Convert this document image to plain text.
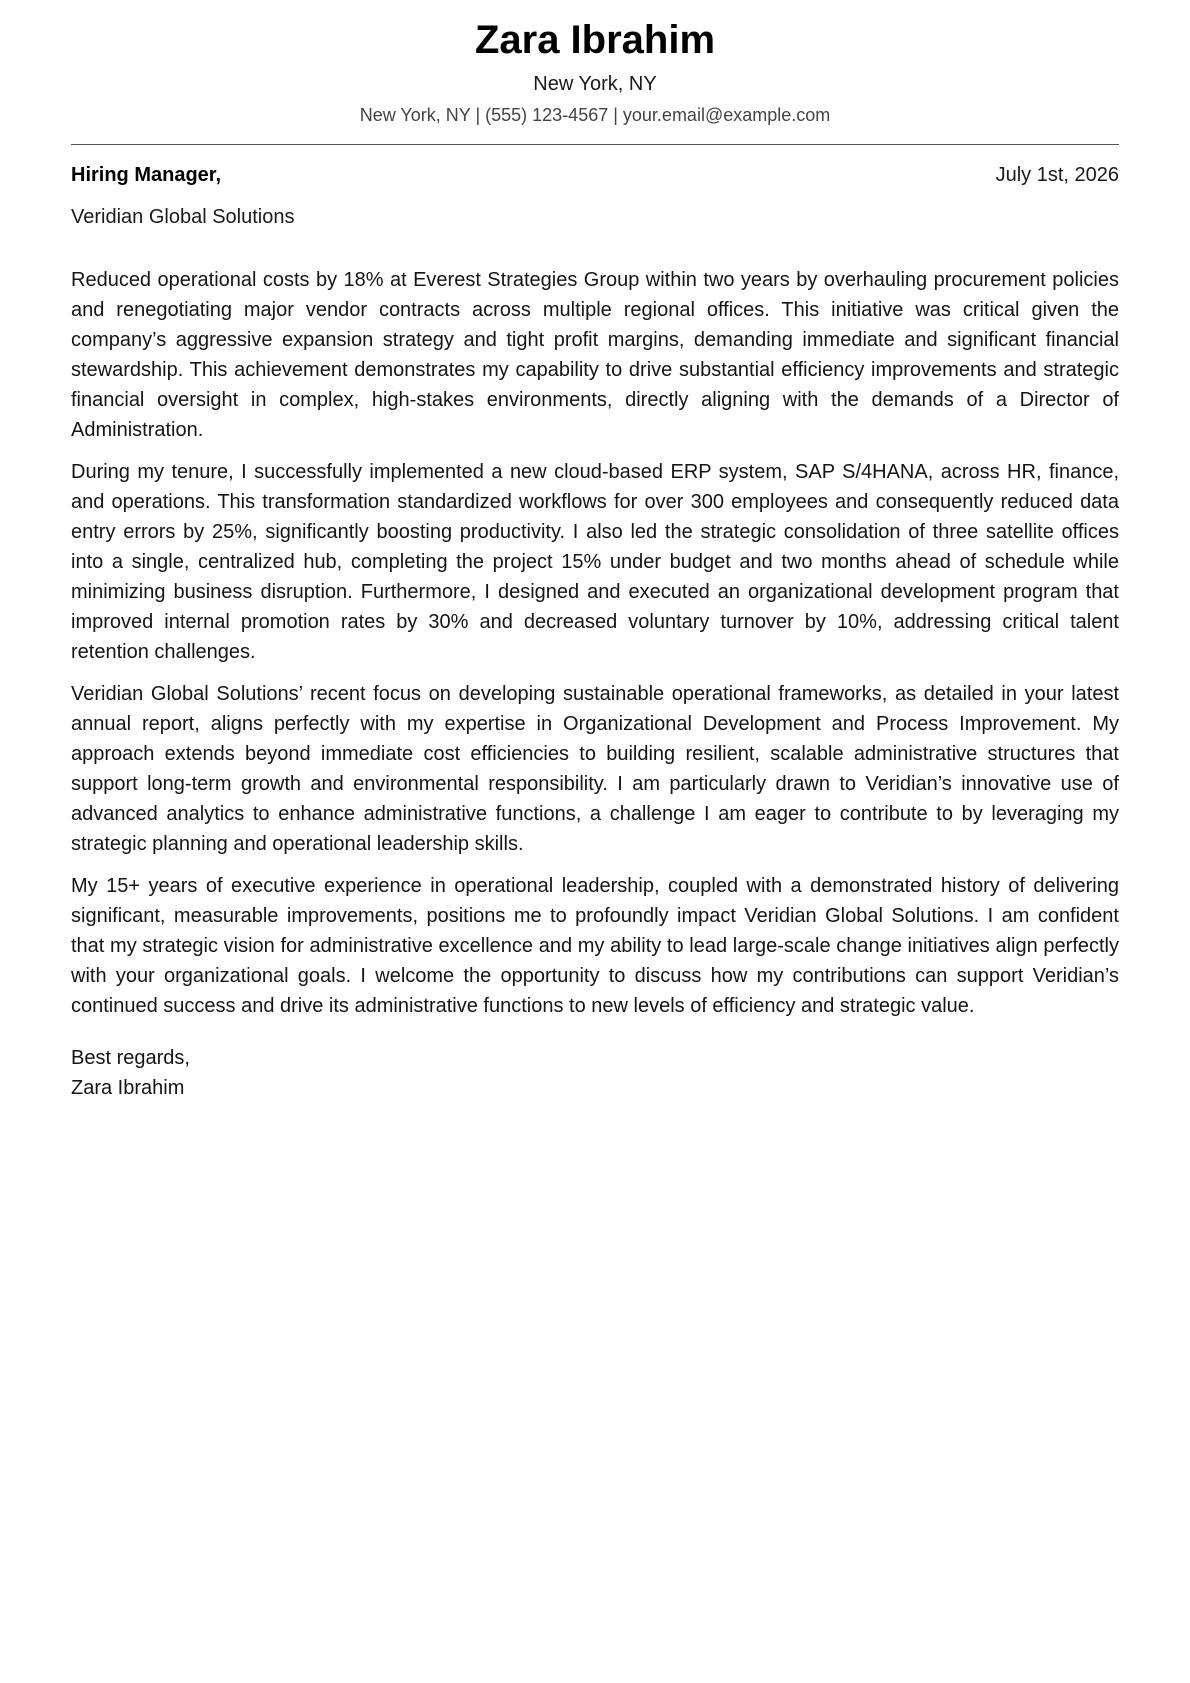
Zara Ibrahim
New York, NY
New York, NY | (555) 123-4567 | your.email@example.com
Hiring Manager,	July 1st, 2026
Veridian Global Solutions

Reduced operational costs by 18% at Everest Strategies Group within two years by overhauling procurement policies and renegotiating major vendor contracts across multiple regional offices. This initiative was critical given the company’s aggressive expansion strategy and tight profit margins, demanding immediate and significant financial stewardship. This achievement demonstrates my capability to drive substantial efficiency improvements and strategic financial oversight in complex, high-stakes environments, directly aligning with the demands of a Director of Administration.

During my tenure, I successfully implemented a new cloud-based ERP system, SAP S/4HANA, across HR, finance, and operations. This transformation standardized workflows for over 300 employees and consequently reduced data entry errors by 25%, significantly boosting productivity. I also led the strategic consolidation of three satellite offices into a single, centralized hub, completing the project 15% under budget and two months ahead of schedule while minimizing business disruption. Furthermore, I designed and executed an organizational development program that improved internal promotion rates by 30% and decreased voluntary turnover by 10%, addressing critical talent retention challenges.

Veridian Global Solutions’ recent focus on developing sustainable operational frameworks, as detailed in your latest annual report, aligns perfectly with my expertise in Organizational Development and Process Improvement. My approach extends beyond immediate cost efficiencies to building resilient, scalable administrative structures that support long-term growth and environmental responsibility. I am particularly drawn to Veridian’s innovative use of advanced analytics to enhance administrative functions, a challenge I am eager to contribute to by leveraging my strategic planning and operational leadership skills.

My 15+ years of executive experience in operational leadership, coupled with a demonstrated history of delivering significant, measurable improvements, positions me to profoundly impact Veridian Global Solutions. I am confident that my strategic vision for administrative excellence and my ability to lead large-scale change initiatives align perfectly with your organizational goals. I welcome the opportunity to discuss how my contributions can support Veridian’s continued success and drive its administrative functions to new levels of efficiency and strategic value.

Best regards,
Zara Ibrahim
